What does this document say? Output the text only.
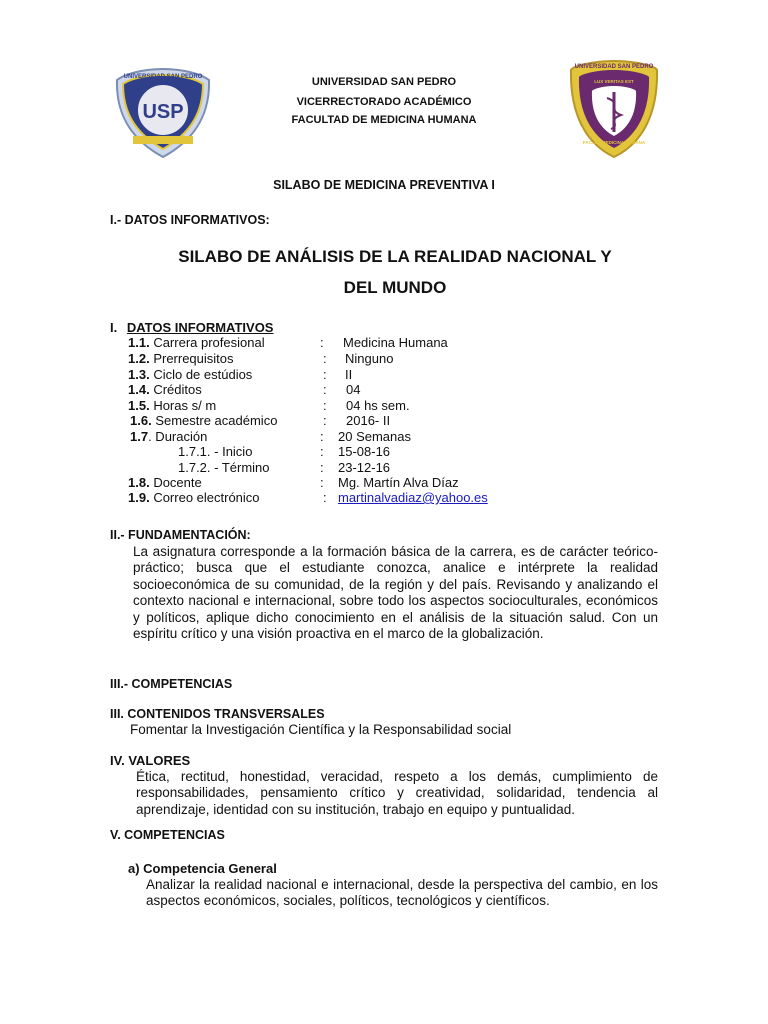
UNIVERSIDAD SAN PEDRO
USP
UNIVERSIDAD SAN PEDRO
LUX VERITAS EST
FAC. DE MEDICINA HUMANA
UNIVERSIDAD SAN PEDRO
VICERRECTORADO ACADÉMICO
FACULTAD DE MEDICINA HUMANA
SILABO DE MEDICINA PREVENTIVA I
I.- DATOS INFORMATIVOS:
SILABO DE ANÁLISIS DE LA REALIDAD NACIONAL Y
DEL MUNDO
I. DATOS INFORMATIVOS
1.1. Carrera profesional	: Medicina Humana
1.2. Prerrequisitos	: Ninguno
1.3. Ciclo de estúdios	: II
1.4. Créditos	: 04
1.5. Horas s/ m	: 04 hs sem.
1.6. Semestre académico	: 2016- II
1.7. Duración	: 20 Semanas
1.7.1. - Inicio	: 15-08-16
1.7.2. - Término	: 23-12-16
1.8. Docente	: Mg. Martín Alva Díaz
1.9. Correo electrónico	: martinalvadiaz@yahoo.es
II.- FUNDAMENTACIÓN:
La asignatura corresponde a la formación básica de la carrera, es de carácter teórico-práctico; busca que el estudiante conozca, analice e intérprete la realidad socioeconómica de su comunidad, de la región y del país. Revisando y analizando el contexto nacional e internacional, sobre todo los aspectos socioculturales, económicos y políticos, aplique dicho conocimiento en el análisis de la situación salud. Con un espíritu crítico y una visión proactiva en el marco de la globalización.
III.- COMPETENCIAS
III. CONTENIDOS TRANSVERSALES
Fomentar la Investigación Científica y la Responsabilidad social
IV. VALORES
Ética, rectitud, honestidad, veracidad, respeto a los demás, cumplimiento de responsabilidades, pensamiento crítico y creatividad, solidaridad, tendencia al aprendizaje, identidad con su institución, trabajo en equipo y puntualidad.
V. COMPETENCIAS
a) Competencia General
Analizar la realidad nacional e internacional, desde la perspectiva del cambio, en los aspectos económicos, sociales, políticos, tecnológicos y científicos.
